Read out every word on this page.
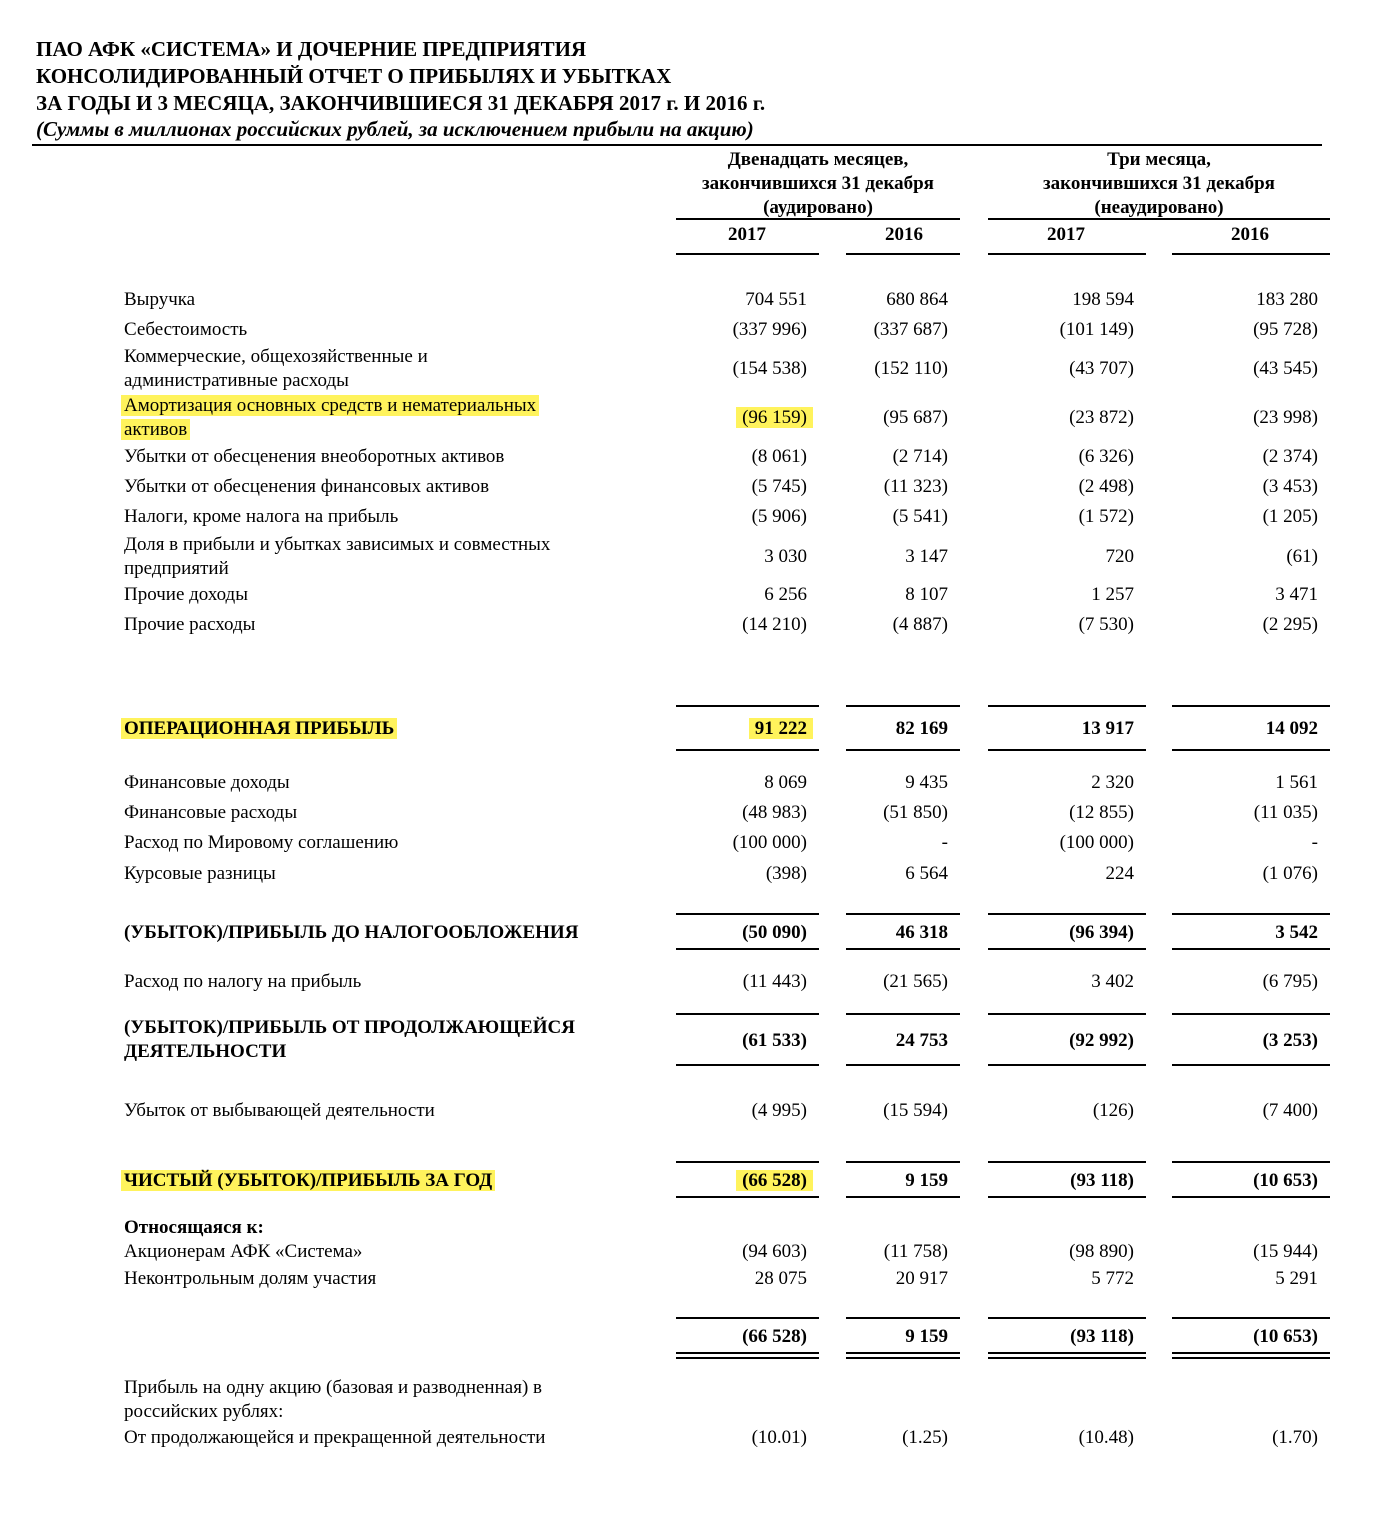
ПАО АФК «СИСТЕМА» И ДОЧЕРНИЕ ПРЕДПРИЯТИЯ
КОНСОЛИДИРОВАННЫЙ ОТЧЕТ О ПРИБЫЛЯХ И УБЫТКАХ
ЗА ГОДЫ И 3 МЕСЯЦА, ЗАКОНЧИВШИЕСЯ 31 ДЕКАБРЯ 2017 г. И 2016 г.
(Суммы в миллионах российских рублей, за исключением прибыли на акцию)
Двенадцать месяцев,
закончившихся 31 декабря
(аудировано)
Три месяца,
закончившихся 31 декабря
(неаудировано)
2017	2016	2017	2016
Выручка	704 551	680 864	198 594	183 280
Себестоимость	(337 996)	(337 687)	(101 149)	(95 728)
Коммерческие, общехозяйственные и
административные расходы
(154 538)	(152 110)	(43 707)	(43 545)
Амортизация основных средств и нематериальных
активов
(96 159)	(95 687)	(23 872)	(23 998)
Убытки от обесценения внеоборотных активов	(8 061)	(2 714)	(6 326)	(2 374)
Убытки от обесценения финансовых активов	(5 745)	(11 323)	(2 498)	(3 453)
Налоги, кроме налога на прибыль	(5 906)	(5 541)	(1 572)	(1 205)
Доля в прибыли и убытках зависимых и совместных
предприятий
3 030	3 147	720	(61)
Прочие доходы	6 256	8 107	1 257	3 471
Прочие расходы	(14 210)	(4 887)	(7 530)	(2 295)
ОПЕРАЦИОННАЯ ПРИБЫЛЬ	91 222	82 169	13 917	14 092
Финансовые доходы	8 069	9 435	2 320	1 561
Финансовые расходы	(48 983)	(51 850)	(12 855)	(11 035)
Расход по Мировому соглашению	(100 000)	-	(100 000)	-
Курсовые разницы	(398)	6 564	224	(1 076)
(УБЫТОК)/ПРИБЫЛЬ ДО НАЛОГООБЛОЖЕНИЯ	(50 090)	46 318	(96 394)	3 542
Расход по налогу на прибыль	(11 443)	(21 565)	3 402	(6 795)
(УБЫТОК)/ПРИБЫЛЬ ОТ ПРОДОЛЖАЮЩЕЙСЯ
ДЕЯТЕЛЬНОСТИ
(61 533)	24 753	(92 992)	(3 253)
Убыток от выбывающей деятельности	(4 995)	(15 594)	(126)	(7 400)
ЧИСТЫЙ (УБЫТОК)/ПРИБЫЛЬ ЗА ГОД	(66 528)	9 159	(93 118)	(10 653)
Относящаяся к:
Акционерам АФК «Система»	(94 603)	(11 758)	(98 890)	(15 944)
Неконтрольным долям участия	28 075	20 917	5 772	5 291
(66 528)	9 159	(93 118)	(10 653)
Прибыль на одну акцию (базовая и разводненная) в
российских рублях:
От продолжающейся и прекращенной деятельности	(10.01)	(1.25)	(10.48)	(1.70)
